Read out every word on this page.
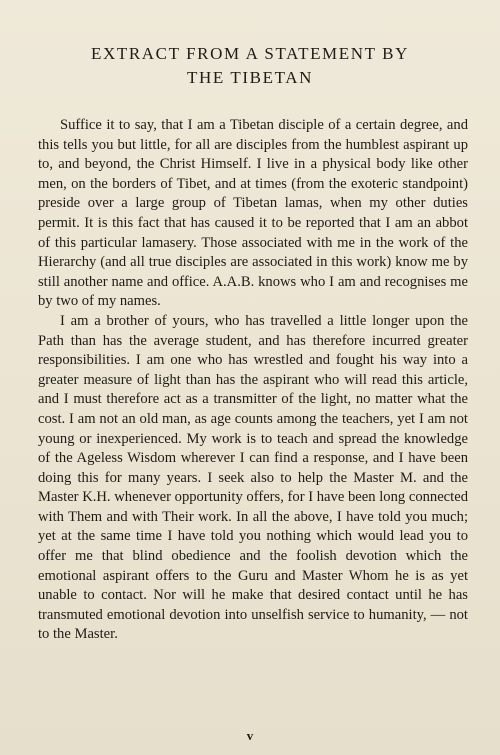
EXTRACT FROM A STATEMENT BY
THE TIBETAN

Suffice it to say, that I am a Tibetan disciple of a certain degree, and this tells you but little, for all are disciples from the humblest aspirant up to, and beyond, the Christ Himself. I live in a physical body like other men, on the borders of Tibet, and at times (from the exoteric standpoint) preside over a large group of Tibetan lamas, when my other duties permit. It is this fact that has caused it to be reported that I am an abbot of this particular lamasery. Those associated with me in the work of the Hierarchy (and all true disciples are associated in this work) know me by still another name and office. A.A.B. knows who I am and recognises me by two of my names.

I am a brother of yours, who has travelled a little longer upon the Path than has the average student, and has therefore incurred greater responsibilities. I am one who has wrestled and fought his way into a greater measure of light than has the aspirant who will read this article, and I must therefore act as a transmitter of the light, no matter what the cost. I am not an old man, as age counts among the teachers, yet I am not young or inexperienced. My work is to teach and spread the knowledge of the Ageless Wisdom wherever I can find a response, and I have been doing this for many years. I seek also to help the Master M. and the Master K.H. whenever opportunity offers, for I have been long connected with Them and with Their work. In all the above, I have told you much; yet at the same time I have told you nothing which would lead you to offer me that blind obedience and the foolish devotion which the emotional aspirant offers to the Guru and Master Whom he is as yet unable to contact. Nor will he make that desired contact until he has transmuted emotional devotion into unselfish service to humanity, — not to the Master.

v
